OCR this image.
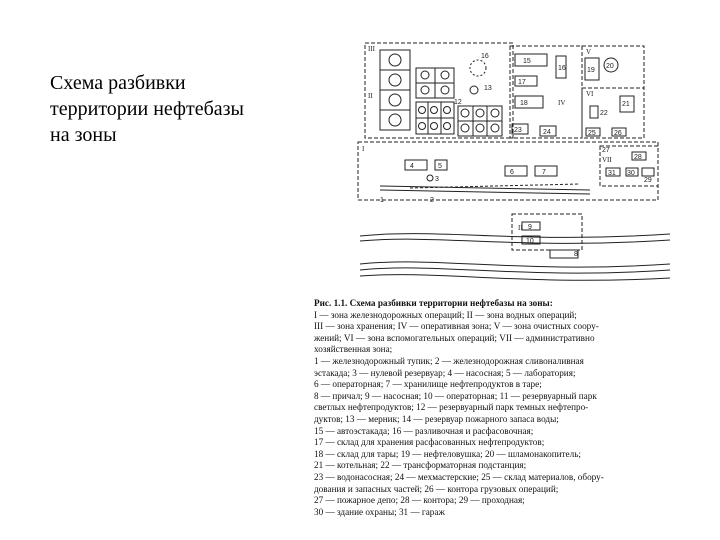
Схема разбивки
территории нефтебазы
на зоны
III
II
I
V
IV
VI
VII
II
16
13
12
15
16
17
18
19
20
21
22
23	24	25	26
27
28
31 30
29
4	5
3
6	7
1	2
9
10
8
Рис. 1.1. Схема разбивки территории нефтебазы на зоны:
I — зона железнодорожных операций; II — зона водных операций;
III — зона хранения; IV — оперативная зона; V — зона очистных соору-
жений; VI — зона вспомогательных операций; VII — административно
хозяйственная зона;
1 — железнодорожный тупик; 2 — железнодорожная сливоналивная
эстакада; 3 — нулевой резервуар; 4 — насосная; 5 — лаборатория;
6 — операторная; 7 — хранилище нефтепродуктов в таре;
8 — причал; 9 — насосная; 10 — операторная; 11 — резервуарный парк
светлых нефтепродуктов; 12 — резервуарный парк темных нефтепро-
дуктов; 13 — мерник; 14 — резервуар пожарного запаса воды;
15 — автоэстакада; 16 — разливочная и расфасовочная;
17 — склад для хранения расфасованных нефтепродуктов;
18 — склад для тары; 19 — нефтеловушка; 20 — шламонакопитель;
21 — котельная; 22 — трансформаторная подстанция;
23 — водонасосная; 24 — мехмастерские; 25 — склад материалов, обору-
дования и запасных частей; 26 — контора грузовых операций;
27 — пожарное депо; 28 — контора; 29 — проходная;
30 — здание охраны; 31 — гараж
